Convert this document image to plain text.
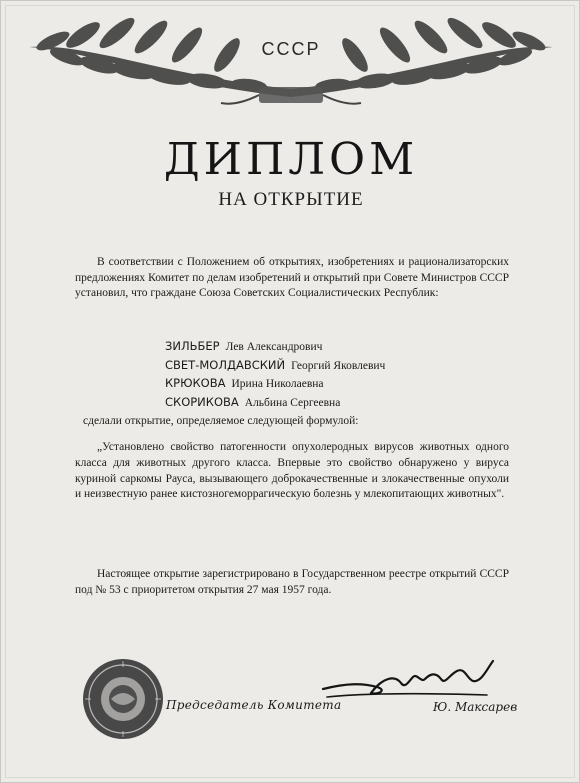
СССР
ДИПЛОМ
НА ОТКРЫТИЕ

В соответствии с Положением об открытиях, изобретениях и рационализаторских предложениях Комитет по делам изобретений и открытий при Совете Министров СССР установил, что граждане Союза Советских Социалистических Республик:

ЗИЛЬБЕР Лев Александрович
СВЕТ-МОЛДАВСКИЙ Георгий Яковлевич
КРЮКОВА Ирина Николаевна
СКОРИКОВА Альбина Сергеевна
сделали открытие, определяемое следующей формулой:

„Установлено свойство патогенности опухолеродных вирусов животных одного класса для животных другого класса. Впервые это свойство обнаружено у вируса куриной саркомы Рауса, вызывающего доброкачественные и злокачественные опухоли и неизвестную ранее кистозногеморрагическую болезнь у млекопитающих животных".

Настоящее открытие зарегистрировано в Государственном реестре открытий СССР под № 53 с приоритетом открытия 27 мая 1957 года.

Председатель Комитета	Ю. Максарев
